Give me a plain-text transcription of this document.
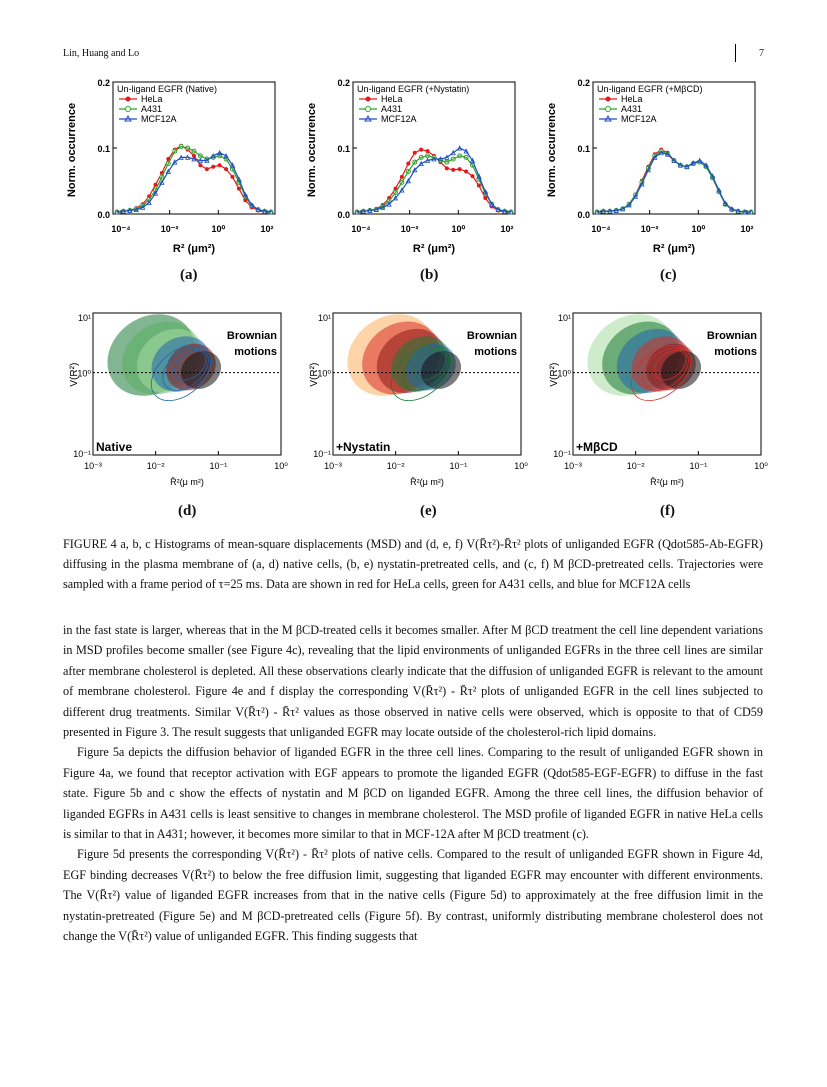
Lin, Huang and Lo	7
Norm. occurrence
0.0
0.1
0.2
10⁻⁴	10⁻²	10⁰	10²
R² (μm²)
Un-ligand EGFR (Native)
HeLa
A431
MCF12A	Norm. occurrence
0.0
0.1
0.2
10⁻⁴	10⁻²	10⁰	10²
R² (μm²)
Un-ligand EGFR (+Nystatin)
HeLa
A431
MCF12A	Norm. occurrence
0.0
0.1
0.2
10⁻⁴	10⁻²	10⁰	10²
R² (μm²)
Un-ligand EGFR (+MβCD)
HeLa
A431
MCF12A
Brownian
motions
Native
10¹
10⁰
10⁻¹
V(R²)
10⁻³	10⁻²	10⁻¹	10⁰
R̄²(μ m²)
Brownian
motions
+Nystatin
10¹
10⁰
10⁻¹
V(R²)
10⁻³	10⁻²	10⁻¹	10⁰
R̄²(μ m²)
Brownian
motions
+MβCD
10¹
10⁰
10⁻¹
V(R²)
10⁻³	10⁻²	10⁻¹	10⁰
R̄²(μ m²)
(a)	(b)	(c)
(d)	(e)	(f)
FIGURE 4 a, b, c Histograms of mean-square displacements (MSD) and (d, e, f) V(R̄τ²)-R̄τ² plots of unliganded EGFR (Qdot585-Ab-EGFR) diffusing in the plasma membrane of (a, d) native cells, (b, e) nystatin-pretreated cells, and (c, f) M βCD-pretreated cells. Trajectories were sampled with a frame period of τ=25 ms. Data are shown in red for HeLa cells, green for A431 cells, and blue for MCF12A cells

in the fast state is larger, whereas that in the M βCD-treated cells it becomes smaller. After M βCD treatment the cell line dependent variations in MSD profiles become smaller (see Figure 4c), revealing that the lipid environments of unliganded EGFRs in the three cell lines are similar after membrane cholesterol is depleted. All these observations clearly indicate that the diffusion of unliganded EGFR is relevant to the amount of membrane cholesterol. Figure 4e and f display the corresponding V(R̄τ²) - R̄τ² plots of unliganded EGFR in the cell lines subjected to different drug treatments. Similar V(R̄τ²) - R̄τ² values as those observed in native cells were observed, which is opposite to that of CD59 presented in Figure 3. The result suggests that unliganded EGFR may locate outside of the cholesterol-rich lipid domains.

Figure 5a depicts the diffusion behavior of liganded EGFR in the three cell lines. Comparing to the result of unliganded EGFR shown in Figure 4a, we found that receptor activation with EGF appears to promote the liganded EGFR (Qdot585-EGF-EGFR) to diffuse in the fast state. Figure 5b and c show the effects of nystatin and M βCD on liganded EGFR. Among the three cell lines, the diffusion behavior of liganded EGFRs in A431 cells is least sensitive to changes in membrane cholesterol. The MSD profile of liganded EGFR in native HeLa cells is similar to that in A431; however, it becomes more similar to that in MCF-12A after M βCD treatment (c).

Figure 5d presents the corresponding V(R̄τ²) - R̄τ² plots of native cells. Compared to the result of unliganded EGFR shown in Figure 4d, EGF binding decreases V(R̄τ²) to below the free diffusion limit, suggesting that liganded EGFR may encounter with different environments. The V(R̄τ²) value of liganded EGFR increases from that in the native cells (Figure 5d) to approximately at the free diffusion limit in the nystatin-pretreated (Figure 5e) and M βCD-pretreated cells (Figure 5f). By contrast, uniformly distributing membrane cholesterol does not change the V(R̄τ²) value of unliganded EGFR. This finding suggests that
